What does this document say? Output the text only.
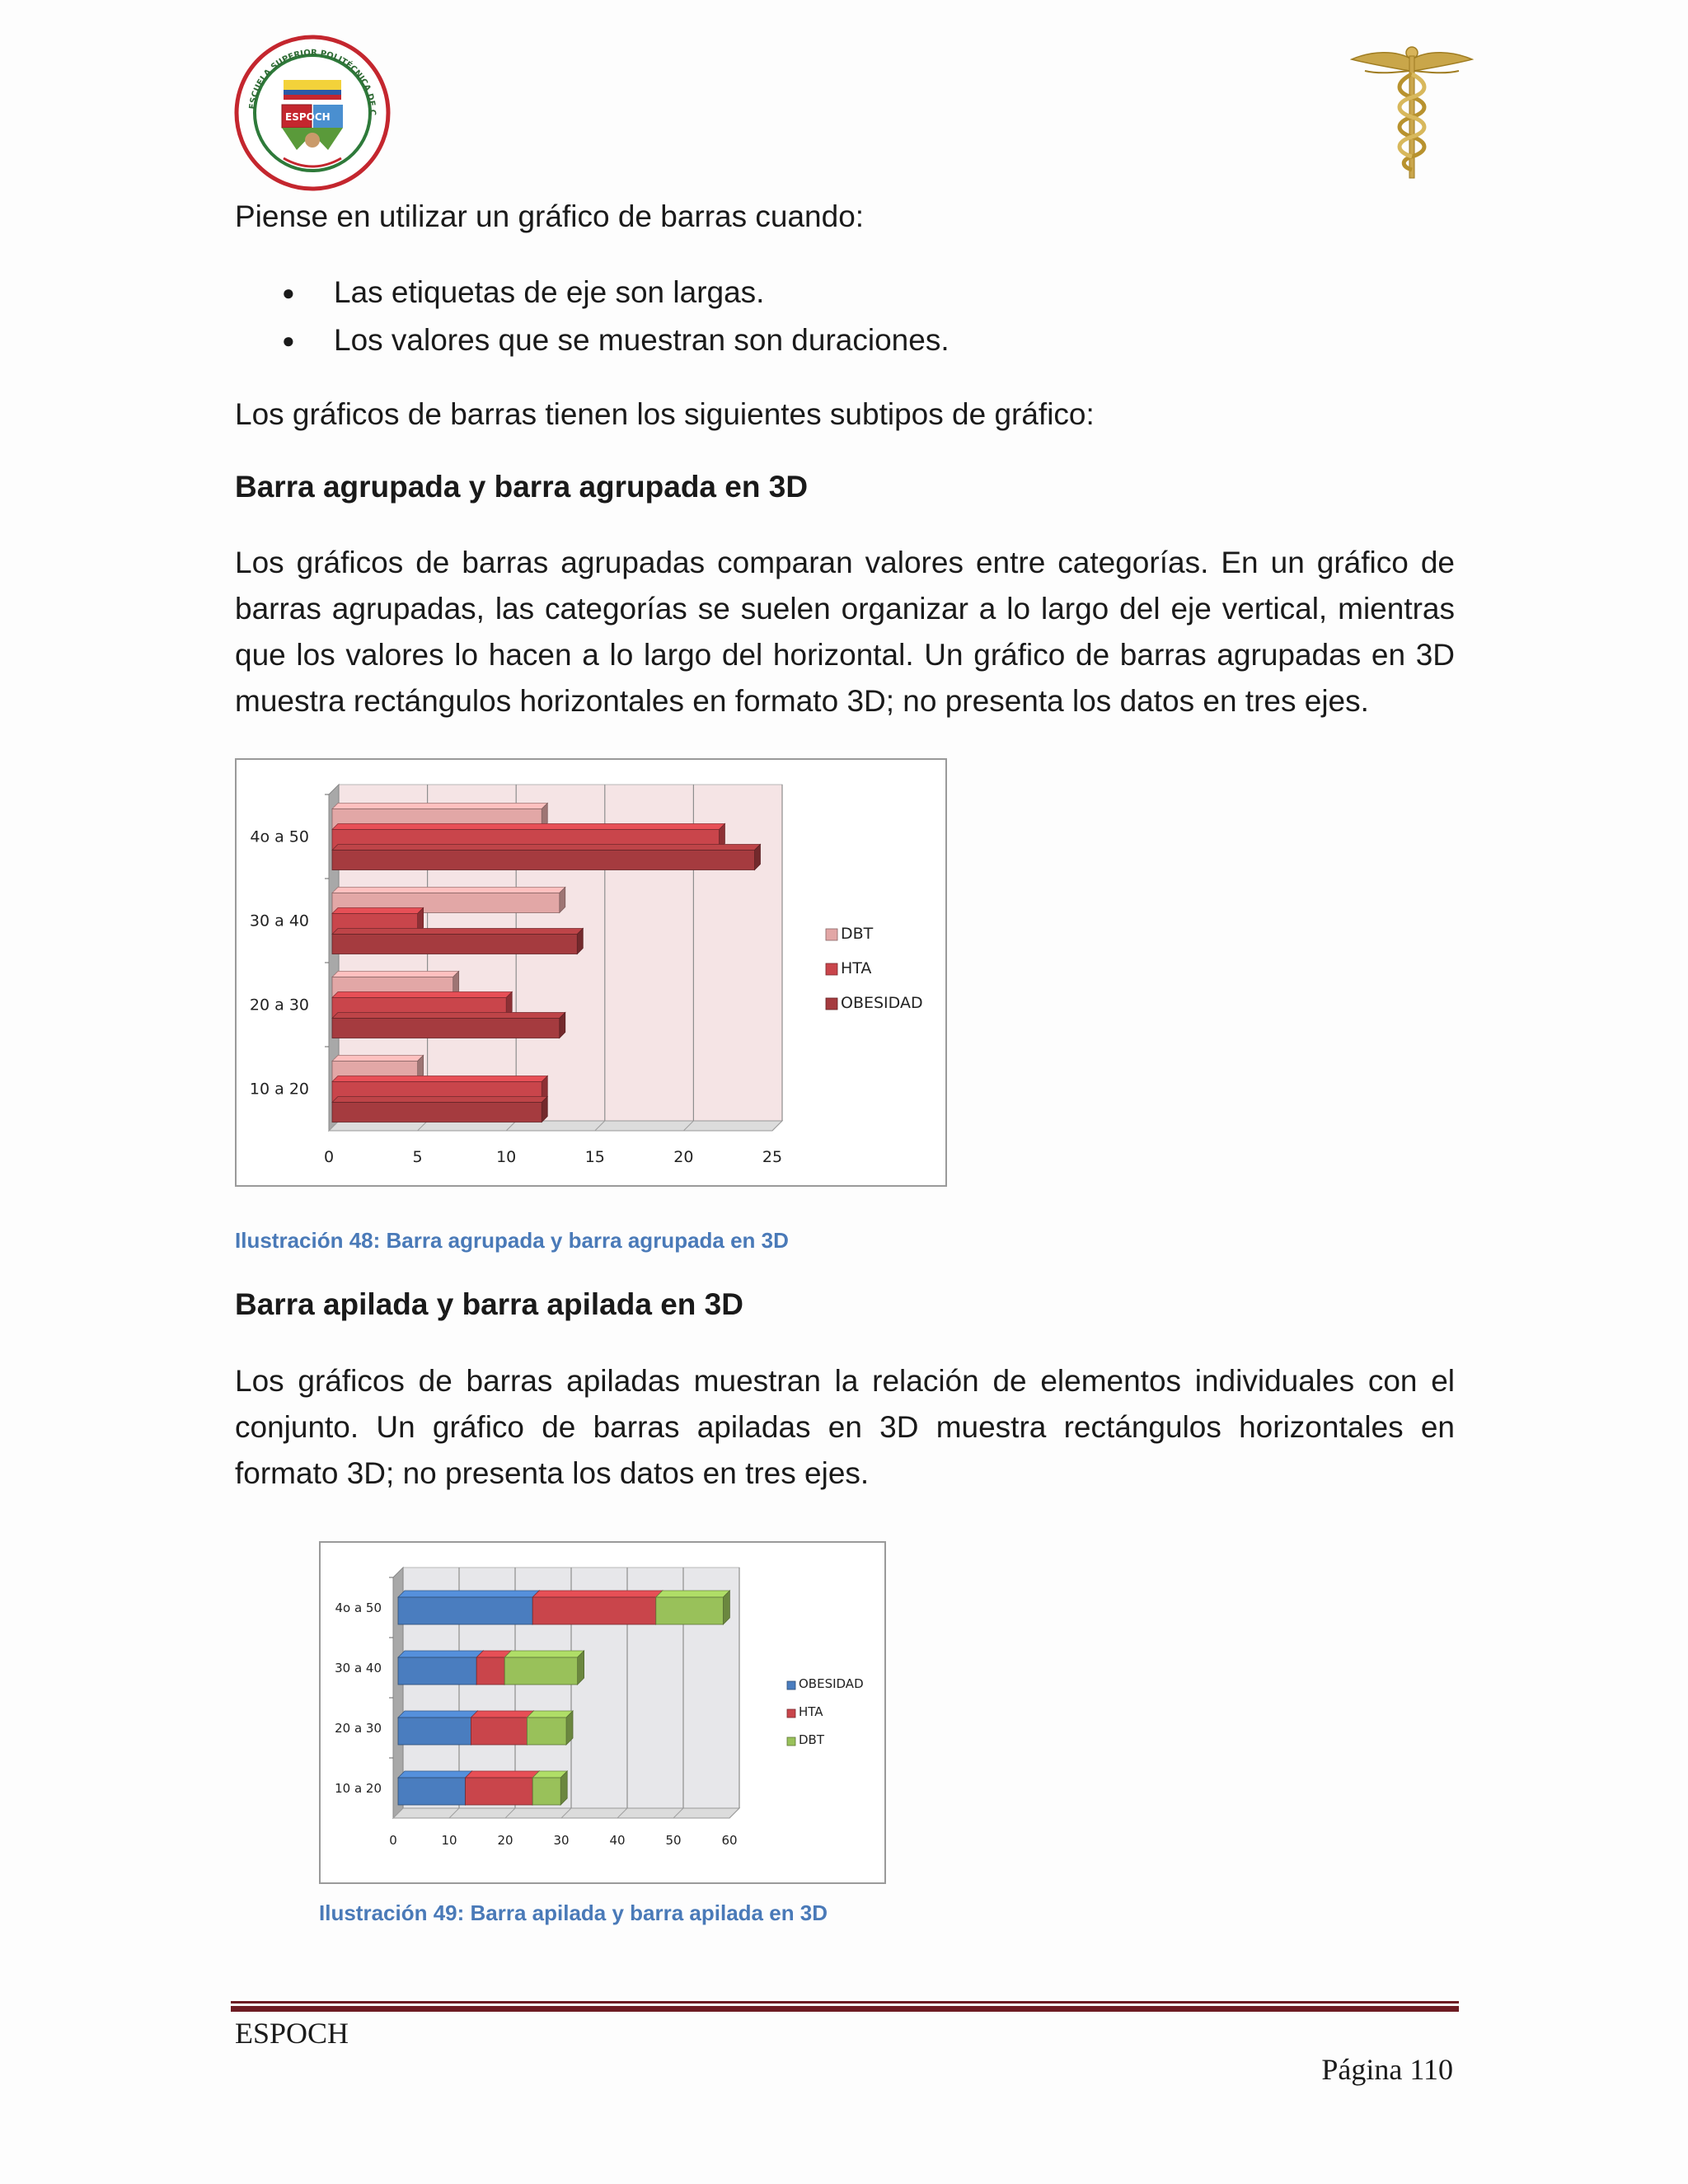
ESCUELA SUPERIOR POLITÉCNICA DE C
ESPOCH

Piense en utilizar un gráfico de barras cuando:

● Las etiquetas de eje son largas.
● Los valores que se muestran son duraciones.

Los gráficos de barras tienen los siguientes subtipos de gráfico:

Barra agrupada y barra agrupada en 3D

Los gráficos de barras agrupadas comparan valores entre categorías. En un gráfico de barras agrupadas, las categorías se suelen organizar a lo largo del eje vertical, mientras que los valores lo hacen a lo largo del horizontal. Un gráfico de barras agrupadas en 3D muestra rectángulos horizontales en formato 3D; no presenta los datos en tres ejes.

0	5	10	15	20	25
10 a 20
20 a 30
30 a 40
4o a 50
DBT
HTA
OBESIDAD

Ilustración 48: Barra agrupada y barra agrupada en 3D

Barra apilada y barra apilada en 3D

Los gráficos de barras apiladas muestran la relación de elementos individuales con el conjunto. Un gráfico de barras apiladas en 3D muestra rectángulos horizontales en formato 3D; no presenta los datos en tres ejes.

0	10	20	30	40	50	60
10 a 20
20 a 30
30 a 40
4o a 50
OBESIDAD
HTA
DBT

Ilustración 49: Barra apilada y barra apilada en 3D

ESPOCH
Página 110
